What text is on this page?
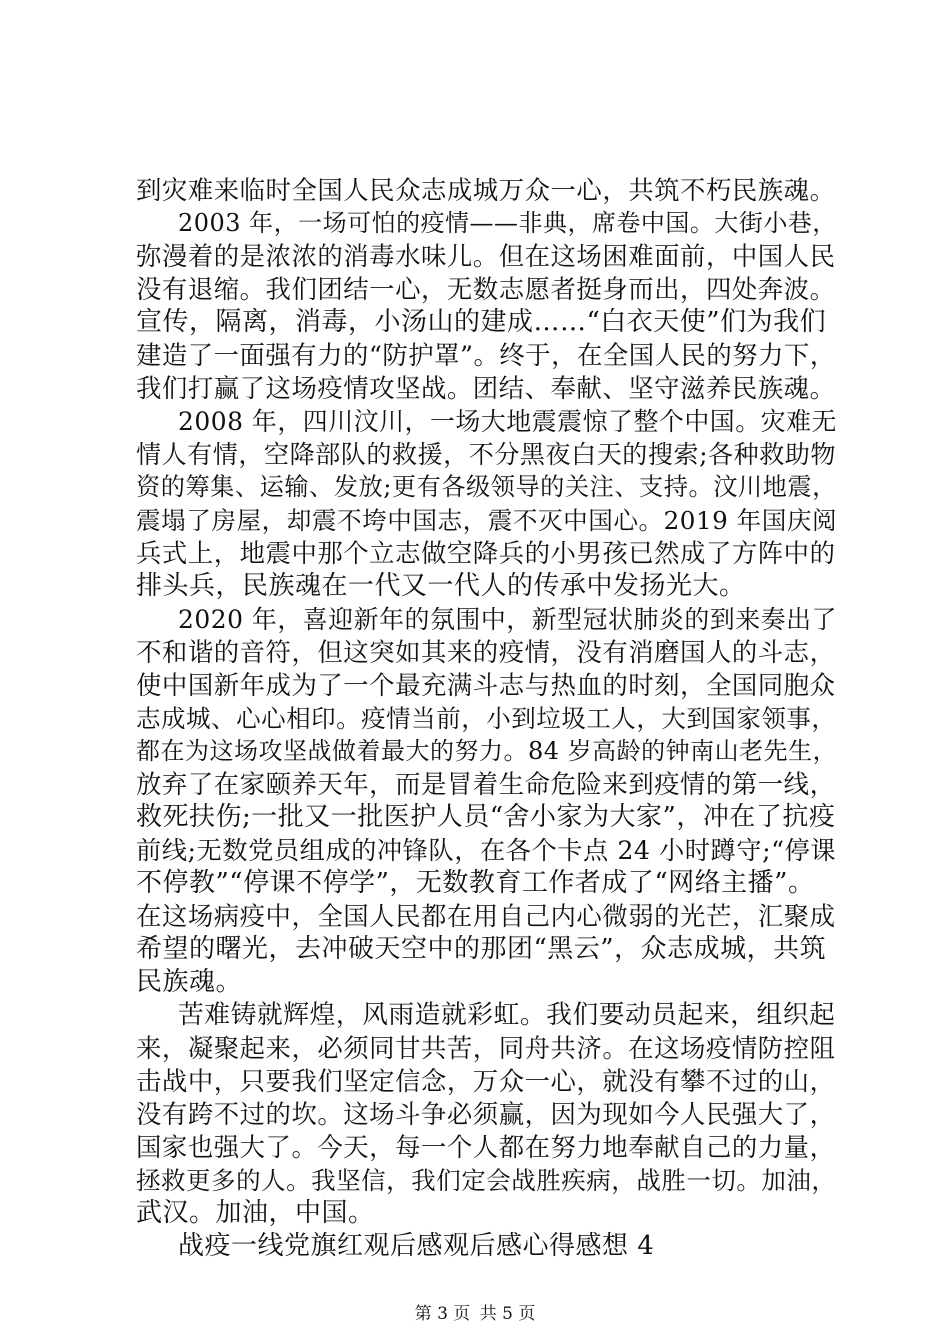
到灾难来临时全国人民众志成城万众一心，共筑不朽民族魂。
2003 年，一场可怕的疫情——非典，席卷中国。大街小巷，
弥漫着的是浓浓的消毒水味儿。但在这场困难面前，中国人民
没有退缩。我们团结一心，无数志愿者挺身而出，四处奔波。
宣传，隔离，消毒，小汤山的建成……“白衣天使”们为我们
建造了一面强有力的“防护罩”。终于，在全国人民的努力下，
我们打赢了这场疫情攻坚战。团结、奉献、坚守滋养民族魂。
2008 年，四川汶川，一场大地震震惊了整个中国。灾难无
情人有情，空降部队的救援，不分黑夜白天的搜索;各种救助物
资的筹集、运输、发放;更有各级领导的关注、支持。汶川地震，
震塌了房屋，却震不垮中国志，震不灭中国心。2019 年国庆阅
兵式上，地震中那个立志做空降兵的小男孩已然成了方阵中的
排头兵，民族魂在一代又一代人的传承中发扬光大。
2020 年，喜迎新年的氛围中，新型冠状肺炎的到来奏出了
不和谐的音符，但这突如其来的疫情，没有消磨国人的斗志，
使中国新年成为了一个最充满斗志与热血的时刻，全国同胞众
志成城、心心相印。疫情当前，小到垃圾工人，大到国家领事，
都在为这场攻坚战做着最大的努力。84 岁高龄的钟南山老先生，
放弃了在家颐养天年，而是冒着生命危险来到疫情的第一线，
救死扶伤;一批又一批医护人员“舍小家为大家”，冲在了抗疫
前线;无数党员组成的冲锋队，在各个卡点 24 小时蹲守;“停课
不停教”“停课不停学”，无数教育工作者成了“网络主播”。
在这场病疫中，全国人民都在用自己内心微弱的光芒，汇聚成
希望的曙光，去冲破天空中的那团“黑云”，众志成城，共筑
民族魂。
苦难铸就辉煌，风雨造就彩虹。我们要动员起来，组织起
来，凝聚起来，必须同甘共苦，同舟共济。在这场疫情防控阻
击战中，只要我们坚定信念，万众一心，就没有攀不过的山，
没有跨不过的坎。这场斗争必须赢，因为现如今人民强大了，
国家也强大了。今天，每一个人都在努力地奉献自己的力量，
拯救更多的人。我坚信，我们定会战胜疾病，战胜一切。加油，
武汉。加油，中国。
战疫一线党旗红观后感观后感心得感想 4
第 3 页 共 5 页
